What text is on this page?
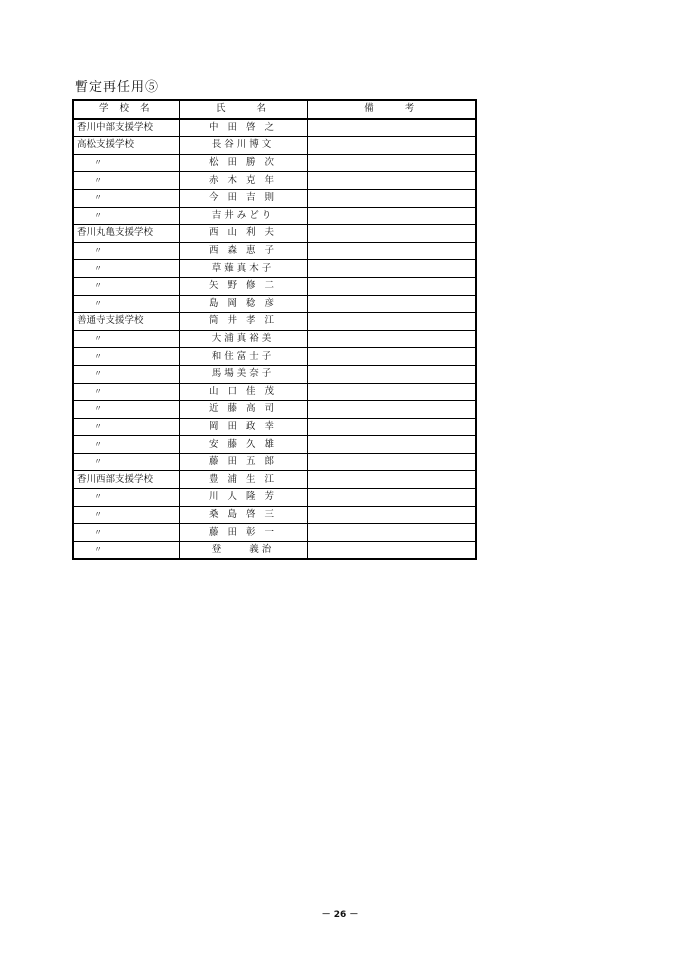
暫定再任用⑤
学 校 名	氏　　名	備　　考
香川中部支援学校	中 田 啓 之	
高松支援学校	長谷川博文	
〃	松 田 勝 次	
〃	赤 木 克 年	
〃	今 田 吉 則	
〃	吉井みどり	
香川丸亀支援学校	西 山 利 夫	
〃	西 森 恵 子	
〃	草薙真木子	
〃	矢 野 修 二	
〃	島 岡 稔 彦	
善通寺支援学校	筒 井 孝 江	
〃	大浦真裕美	
〃	和住富士子	
〃	馬場美奈子	
〃	山 口 佳 茂	
〃	近 藤 高 司	
〃	岡 田 政 幸	
〃	安 藤 久 雄	
〃	藤 田 五 郎	
香川西部支援学校	豊 浦 生 江	
〃	川 人 隆 芳	
〃	桑 島 啓 三	
〃	藤 田 彰 一	
〃	登　　義治	
－ 26 －
